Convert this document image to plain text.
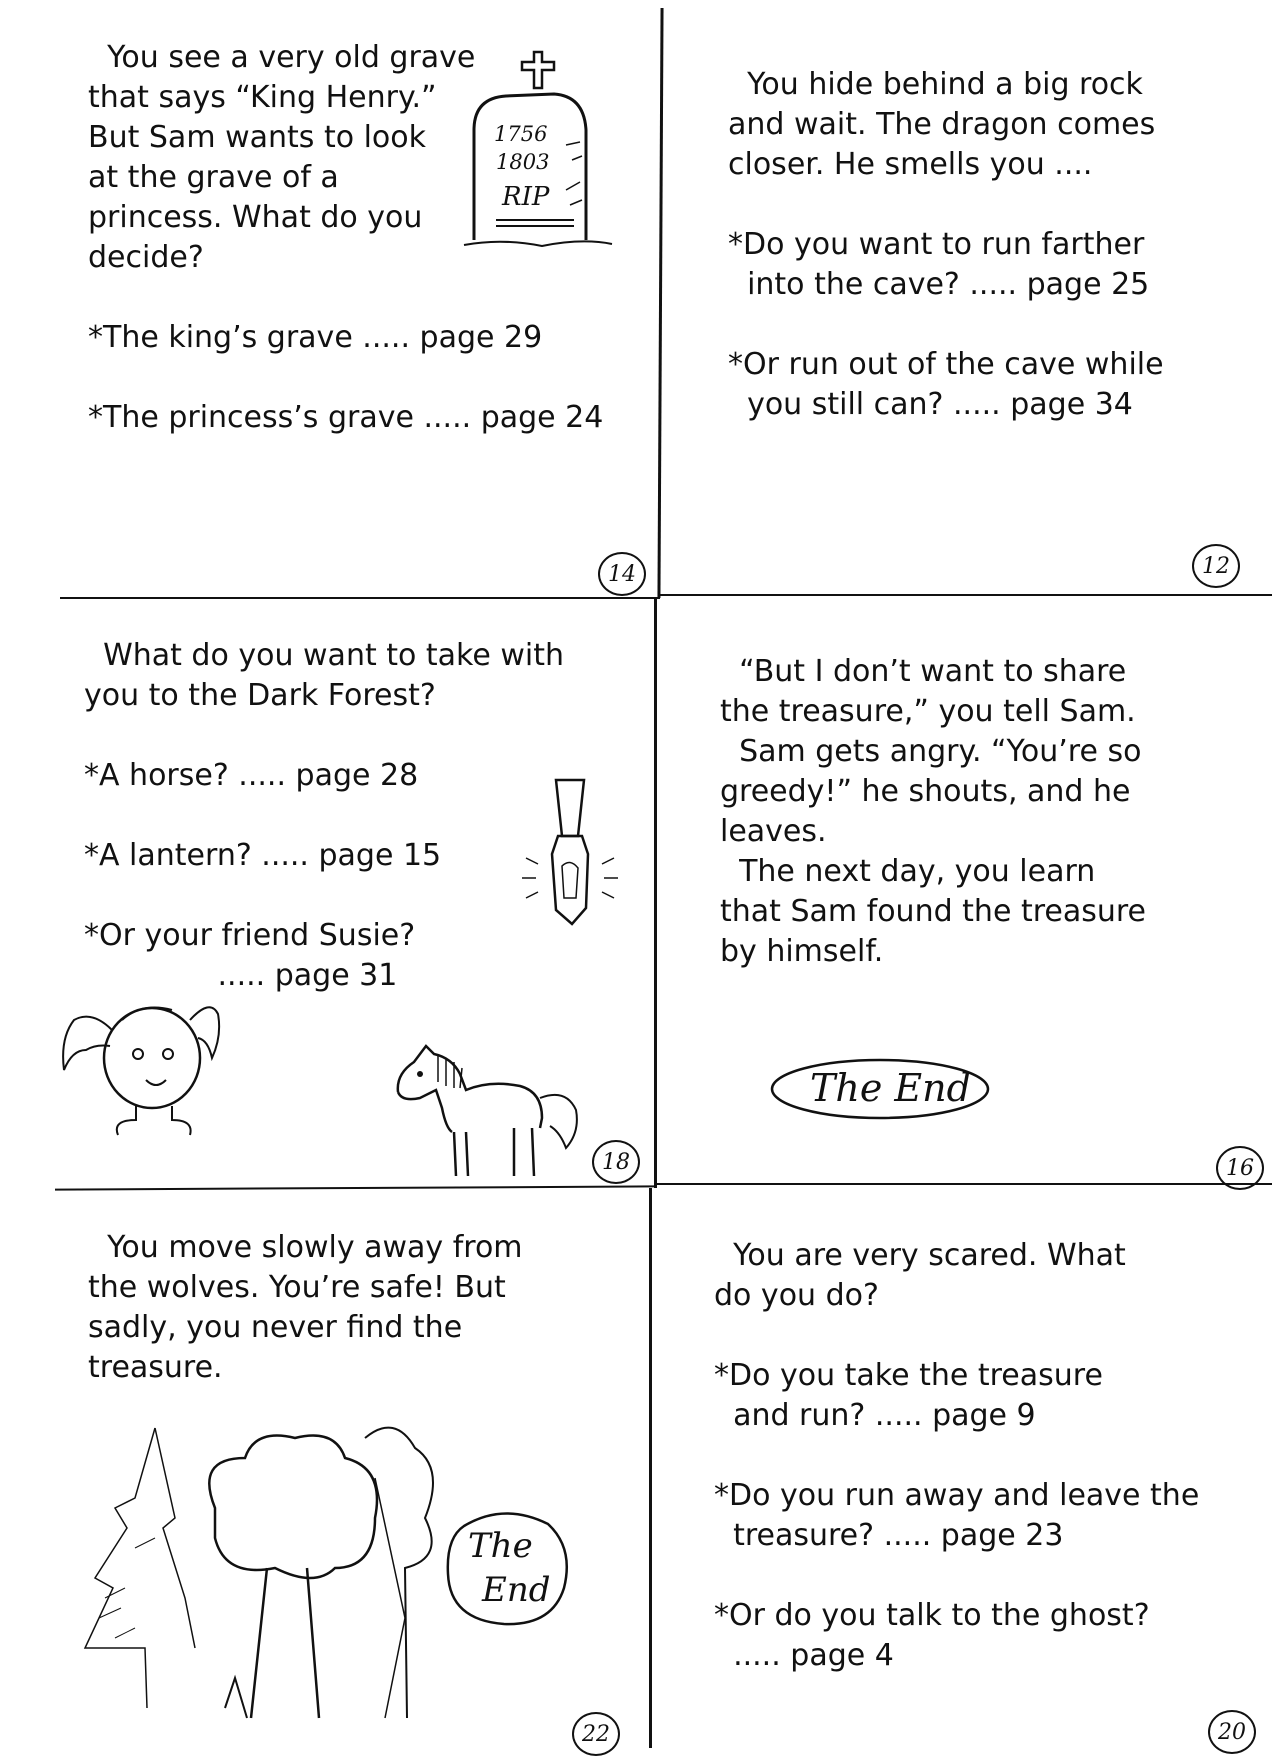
You see a very old grave

that says “King Henry.”

But Sam wants to look

at the grave of a

princess. What do you

decide?

*The king’s grave ..... page 29

*The princess’s grave ..... page 24

1756
1803
RIP
14

You hide behind a big rock

and wait. The dragon comes

closer. He smells you ....

*Do you want to run farther

into the cave? ..... page 25

*Or run out of the cave while

you still can? ..... page 34

12

What do you want to take with

you to the Dark Forest?

*A horse? ..... page 28

*A lantern? ..... page 15

*Or your friend Susie?

..... page 31

18

“But I don’t want to share

the treasure,” you tell Sam.

Sam gets angry. “You’re so

greedy!” he shouts, and he

leaves.

The next day, you learn

that Sam found the treasure

by himself.

The End
16

You move slowly away from

the wolves. You’re safe! But

sadly, you never find the

treasure.

The
End
22

You are very scared. What

do you do?

*Do you take the treasure

and run? ..... page 9

*Do you run away and leave the

treasure? ..... page 23

*Or do you talk to the ghost?

..... page 4

20
